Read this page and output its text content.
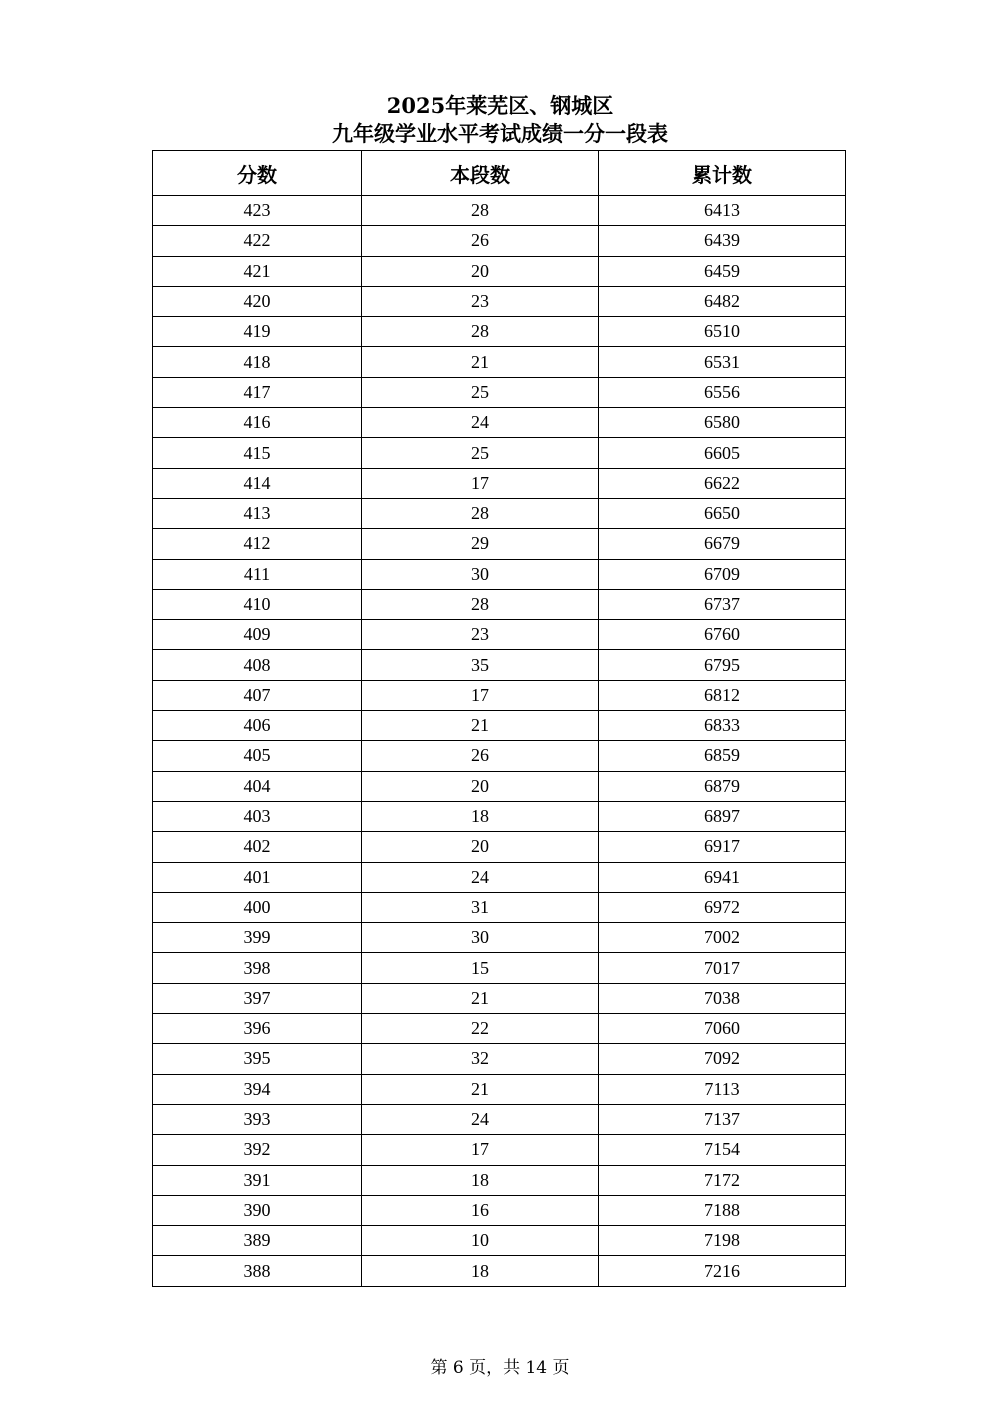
2025年莱芜区、钢城区
九年级学业水平考试成绩一分一段表
分数	本段数	累计数
423	28	6413
422	26	6439
421	20	6459
420	23	6482
419	28	6510
418	21	6531
417	25	6556
416	24	6580
415	25	6605
414	17	6622
413	28	6650
412	29	6679
411	30	6709
410	28	6737
409	23	6760
408	35	6795
407	17	6812
406	21	6833
405	26	6859
404	20	6879
403	18	6897
402	20	6917
401	24	6941
400	31	6972
399	30	7002
398	15	7017
397	21	7038
396	22	7060
395	32	7092
394	21	7113
393	24	7137
392	17	7154
391	18	7172
390	16	7188
389	10	7198
388	18	7216
第 6 页，共 14 页
